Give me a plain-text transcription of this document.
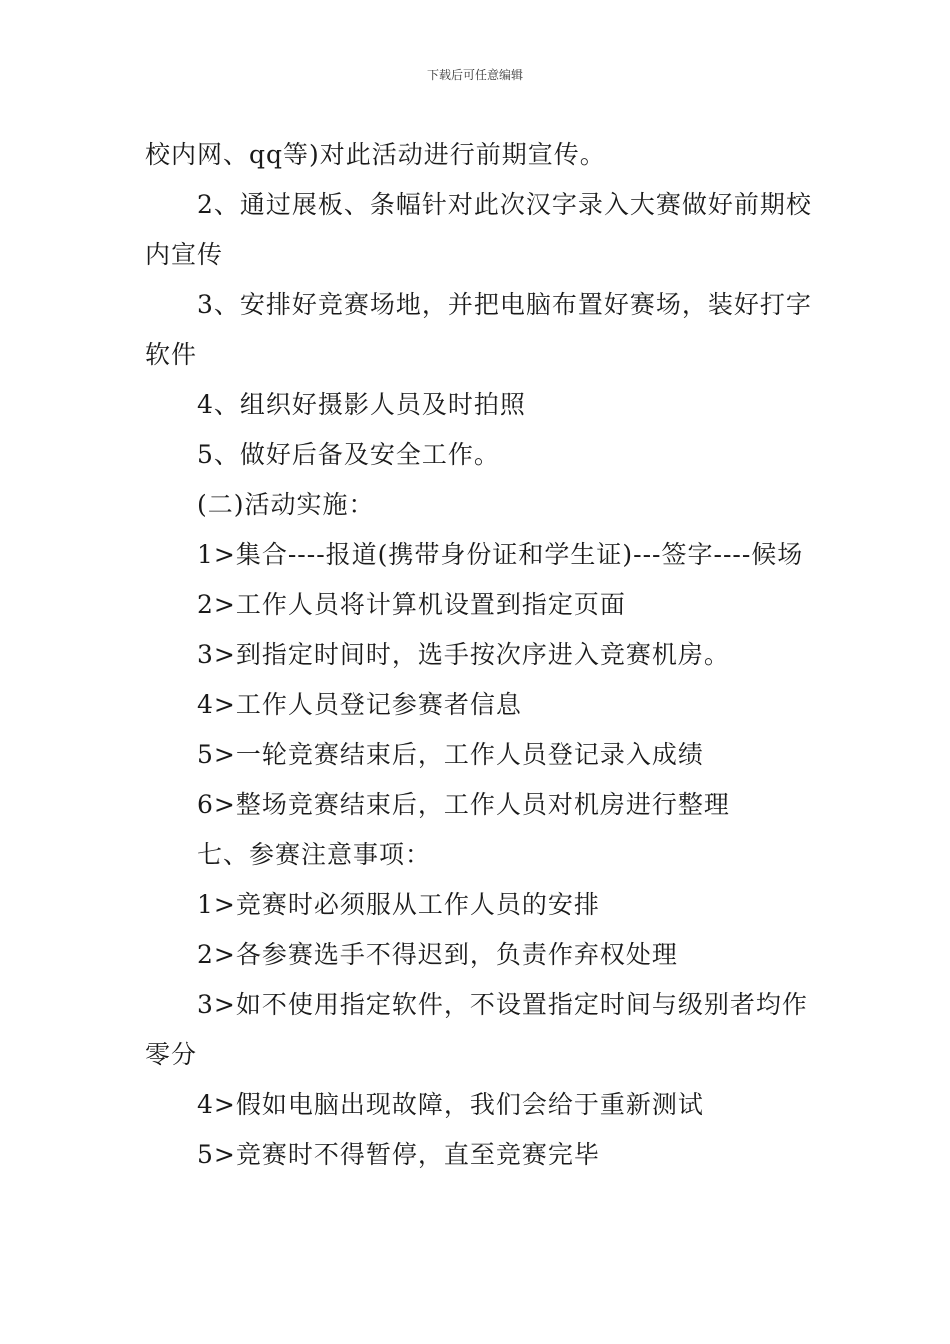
下载后可任意编辑

校内网、qq等)对此活动进行前期宣传。

2、通过展板、条幅针对此次汉字录入大赛做好前期校内宣传

3、安排好竞赛场地，并把电脑布置好赛场，装好打字软件

4、组织好摄影人员及时拍照

5、做好后备及安全工作。

(二)活动实施：

1>集合----报道(携带身份证和学生证)---签字----候场

2>工作人员将计算机设置到指定页面

3>到指定时间时，选手按次序进入竞赛机房。

4>工作人员登记参赛者信息

5>一轮竞赛结束后，工作人员登记录入成绩

6>整场竞赛结束后，工作人员对机房进行整理

七、参赛注意事项：

1>竞赛时必须服从工作人员的安排

2>各参赛选手不得迟到，负责作弃权处理

3>如不使用指定软件，不设置指定时间与级别者均作零分

4>假如电脑出现故障，我们会给于重新测试

5>竞赛时不得暂停，直至竞赛完毕
